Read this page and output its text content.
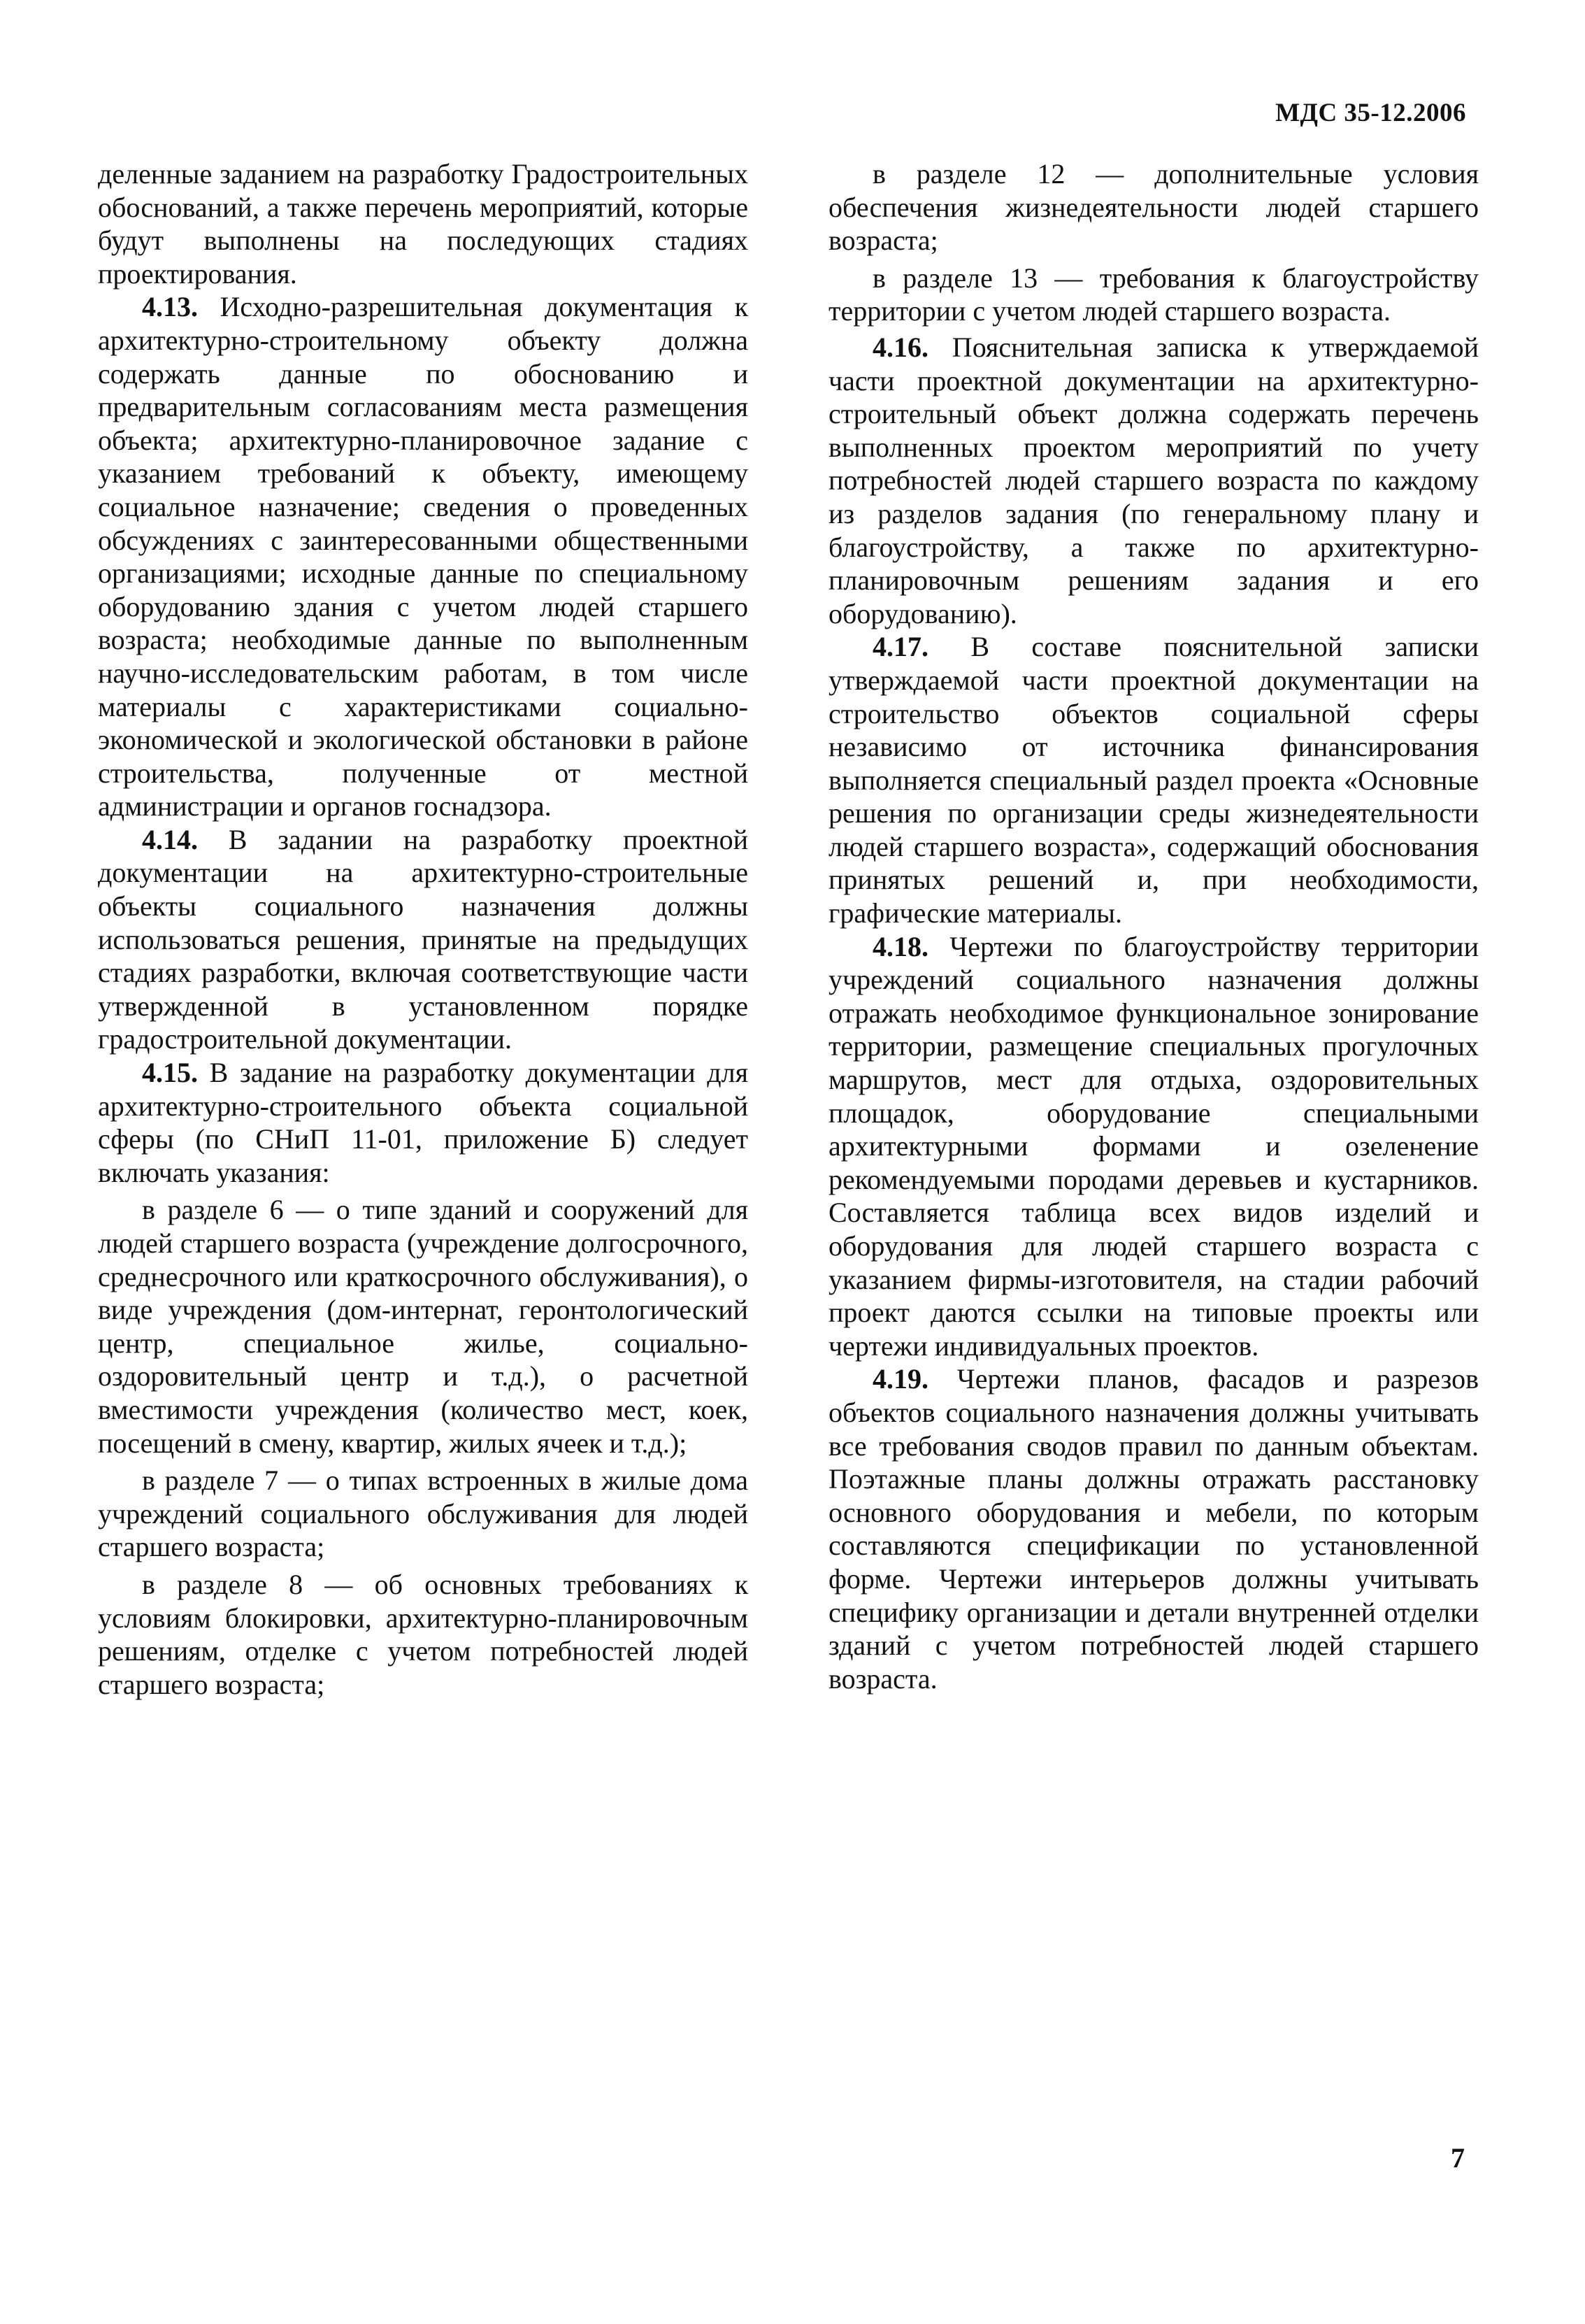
МДС 35-12.2006

деленные заданием на разработку Градостроительных обоснований, а также перечень мероприятий, которые будут выполнены на последующих стадиях проектирования.

4.13. Исходно-разрешительная документация к архитектурно-строительному объекту должна содержать данные по обоснованию и предварительным согласованиям места размещения объекта; архитектурно-планировочное задание с указанием требований к объекту, имеющему социальное назначение; сведения о проведенных обсуждениях с заинтересованными общественными организациями; исходные данные по специальному оборудованию здания с учетом людей старшего возраста; необходимые данные по выполненным научно-исследовательским работам, в том числе материалы с характеристиками социально-экономической и экологической обстановки в районе строительства, полученные от местной администрации и органов госнадзора.

4.14. В задании на разработку проектной документации на архитектурно-строительные объекты социального назначения должны использоваться решения, принятые на предыдущих стадиях разработки, включая соответствующие части утвержденной в установленном порядке градостроительной документации.

4.15. В задание на разработку документации для архитектурно-строительного объекта социальной сферы (по СНиП 11-01, приложение Б) следует включать указания:

в разделе 6 — о типе зданий и сооружений для людей старшего возраста (учреждение долгосрочного, среднесрочного или краткосрочного обслуживания), о виде учреждения (дом-интернат, геронтологический центр, специальное жилье, социально-оздоровительный центр и т.д.), о расчетной вместимости учреждения (количество мест, коек, посещений в смену, квартир, жилых ячеек и т.д.);

в разделе 7 — о типах встроенных в жилые дома учреждений социального обслуживания для людей старшего возраста;

в разделе 8 — об основных требованиях к условиям блокировки, архитектурно-планировочным решениям, отделке с учетом потребностей людей старшего возраста;

в разделе 12 — дополнительные условия обеспечения жизнедеятельности людей старшего возраста;

в разделе 13 — требования к благоустройству территории с учетом людей старшего возраста.

4.16. Пояснительная записка к утверждаемой части проектной документации на архитектурно-строительный объект должна содержать перечень выполненных проектом мероприятий по учету потребностей людей старшего возраста по каждому из разделов задания (по генеральному плану и благоустройству, а также по архитектурно-планировочным решениям задания и его оборудованию).

4.17. В составе пояснительной записки утверждаемой части проектной документации на строительство объектов социальной сферы независимо от источника финансирования выполняется специальный раздел проекта «Основные решения по организации среды жизнедеятельности людей старшего возраста», содержащий обоснования принятых решений и, при необходимости, графические материалы.

4.18. Чертежи по благоустройству территории учреждений социального назначения должны отражать необходимое функциональное зонирование территории, размещение специальных прогулочных маршрутов, мест для отдыха, оздоровительных площадок, оборудование специальными архитектурными формами и озеленение рекомендуемыми породами деревьев и кустарников. Составляется таблица всех видов изделий и оборудования для людей старшего возраста с указанием фирмы-изготовителя, на стадии рабочий проект даются ссылки на типовые проекты или чертежи индивидуальных проектов.

4.19. Чертежи планов, фасадов и разрезов объектов социального назначения должны учитывать все требования сводов правил по данным объектам. Поэтажные планы должны отражать расстановку основного оборудования и мебели, по которым составляются спецификации по установленной форме. Чертежи интерьеров должны учитывать специфику организации и детали внутренней отделки зданий с учетом потребностей людей старшего возраста.

7
